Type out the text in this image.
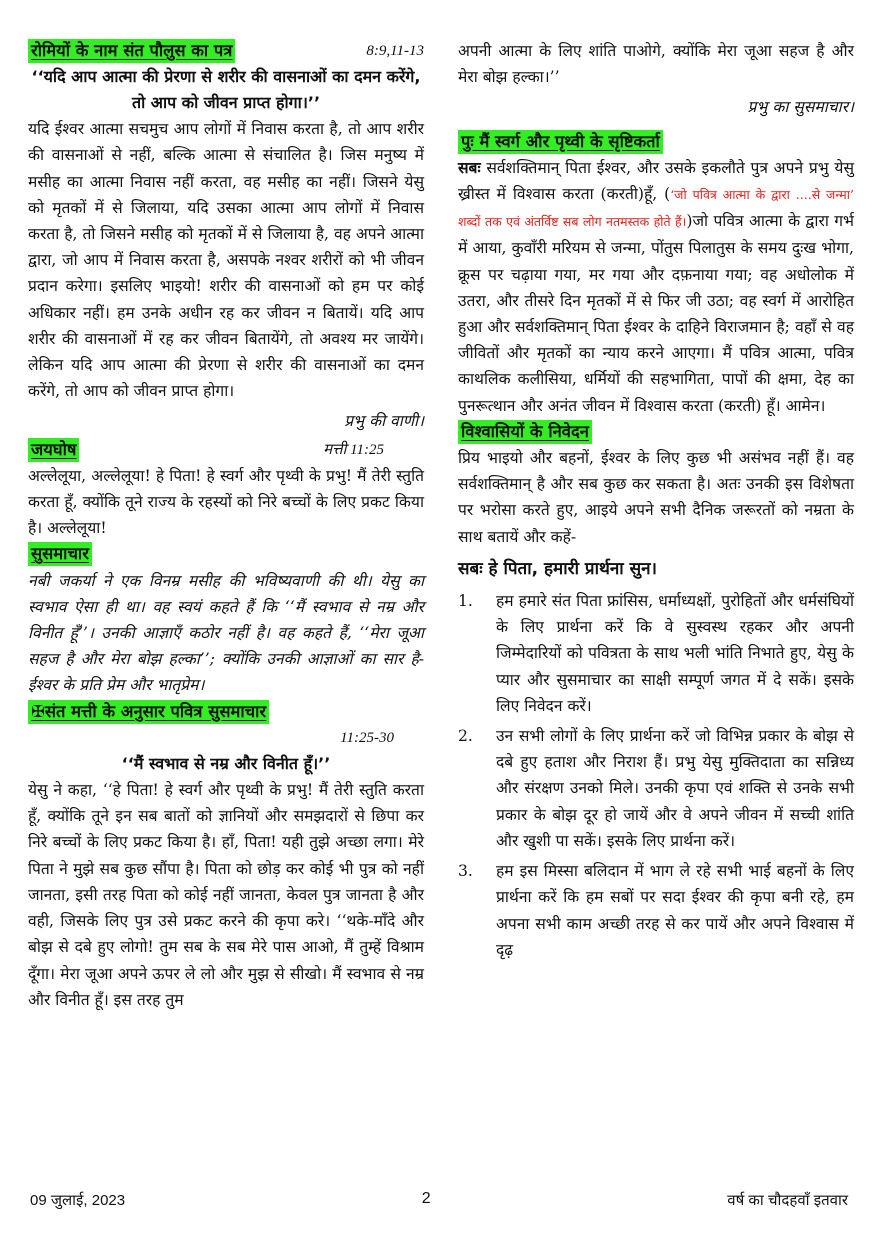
रोमियों के नाम संत पौलुस का पत्र	8:9,11-13

‘‘यदि आप आत्मा की प्रेरणा से शरीर की वासनाओं का दमन करेंगे, तो आप को जीवन प्राप्त होगा।’’

यदि ईश्वर आत्मा सचमुच आप लोगों में निवास करता है, तो आप शरीर की वासनाओं से नहीं, बल्कि आत्मा से संचालित है। जिस मनुष्य में मसीह का आत्मा निवास नहीं करता, वह मसीह का नहीं। जिसने येसु को मृतकों में से जिलाया, यदि उसका आत्मा आप लोगों में निवास करता है, तो जिसने मसीह को मृतकों में से जिलाया है, वह अपने आत्मा द्वारा, जो आप में निवास करता है, असपके नश्वर शरीरों को भी जीवन प्रदान करेगा। इसलिए भाइयो! शरीर की वासनाओं को हम पर कोई अधिकार नहीं। हम उनके अधीन रह कर जीवन न बितायें। यदि आप शरीर की वासनाओं में रह कर जीवन बितायेंगे, तो अवश्य मर जायेंगे। लेकिन यदि आप आत्मा की प्रेरणा से शरीर की वासनाओं का दमन करेंगे, तो आप को जीवन प्राप्त होगा।

प्रभु की वाणी।

जयघोष	मत्ती 11:25

अल्लेलूया, अल्लेलूया! हे पिता! हे स्वर्ग और पृथ्वी के प्रभु! मैं तेरी स्तुति करता हूँ, क्योंकि तूने राज्य के रहस्यों को निरे बच्चों के लिए प्रकट किया है। अल्लेलूया!

सुसमाचार

नबी जकर्या ने एक विनम्र मसीह की भविष्यवाणी की थी। येसु का स्वभाव ऐसा ही था। वह स्वयं कहते हैं कि ‘‘मैं स्वभाव से नम्र और विनीत हूँ’’। उनकी आज्ञाएँ कठोर नहीं है। वह कहते हैं, ‘‘मेरा जूआ सहज है और मेरा बोझ हल्का’’; क्योंकि उनकी आज्ञाओं का सार है-ईश्वर के प्रति प्रेम और भातृप्रेम।

✠संत मत्ती के अनुसार पवित्र सुसमाचार
11:25-30

‘‘मैं स्वभाव से नम्र और विनीत हूँ।’’

येसु ने कहा, ‘‘हे पिता! हे स्वर्ग और पृथ्वी के प्रभु! मैं तेरी स्तुति करता हूँ, क्योंकि तूने इन सब बातों को ज्ञानियों और समझदारों से छिपा कर निरे बच्चों के लिए प्रकट किया है। हाँ, पिता! यही तुझे अच्छा लगा। मेरे पिता ने मुझे सब कुछ सौंपा है। पिता को छोड़ कर कोई भी पुत्र को नहीं जानता, इसी तरह पिता को कोई नहीं जानता, केवल पुत्र जानता है और वही, जिसके लिए पुत्र उसे प्रकट करने की कृपा करे। ‘‘थके-माँदे और बोझ से दबे हुए लोगो! तुम सब के सब मेरे पास आओ, मैं तुम्हें विश्राम दूँगा। मेरा जूआ अपने ऊपर ले लो और मुझ से सीखो। मैं स्वभाव से नम्र और विनीत हूँ। इस तरह तुम

अपनी आत्मा के लिए शांति पाओगे, क्योंकि मेरा जूआ सहज है और मेरा बोझ हल्का।’’

प्रभु का सुसमाचार।

पुः मैं स्वर्ग और पृथ्वी के सृष्टिकर्ता

सबः सर्वशक्तिमान् पिता ईश्वर, और उसके इकलौते पुत्र अपने प्रभु येसु ख्रीस्त में विश्वास करता (करती)हूँ, (‘जो पवित्र आत्मा के द्वारा ....से जन्मा’ शब्दों तक एवं अंतर्विष्ट सब लोग नतमस्तक होते हैं।)जो पवित्र आत्मा के द्वारा गर्भ में आया, कुवाँरी मरियम से जन्मा, पोंतुस पिलातुस के समय दुःख भोगा, क्रूस पर चढ़ाया गया, मर गया और दफ़नाया गया; वह अधोलोक में उतरा, और तीसरे दिन मृतकों में से फिर जी उठा; वह स्वर्ग में आरोहित हुआ और सर्वशक्तिमान् पिता ईश्वर के दाहिने विराजमान है; वहाँ से वह जीवितों और मृतकों का न्याय करने आएगा। मैं पवित्र आत्मा, पवित्र काथलिक कलीसिया, धर्मियों की सहभागिता, पापों की क्षमा, देह का पुनरूत्थान और अनंत जीवन में विश्वास करता (करती) हूँ। आमेन।

विश्वासियों के निवेदन

प्रिय भाइयो और बहनों, ईश्वर के लिए कुछ भी असंभव नहीं हैं। वह सर्वशक्तिमान् है और सब कुछ कर सकता है। अतः उनकी इस विशेषता पर भरोसा करते हुए, आइये अपने सभी दैनिक जरूरतों को नम्रता के साथ बतायें और कहें-

सबः हे पिता, हमारी प्रार्थना सुन।

1.	हम हमारे संत पिता फ्रांसिस, धर्माध्यक्षों, पुरोहितों और धर्मसंघियों के लिए प्रार्थना करें कि वे सुस्वस्थ रहकर और अपनी जिम्मेदारियों को पवित्रता के साथ भली भांति निभाते हुए, येसु के प्यार और सुसमाचार का साक्षी सम्पूर्ण जगत में दे सकें। इसके लिए निवेदन करें।
2.	उन सभी लोगों के लिए प्रार्थना करें जो विभिन्न प्रकार के बोझ से दबे हुए हताश और निराश हैं। प्रभु येसु मुक्तिदाता का सन्निध्य और संरक्षण उनको मिले। उनकी कृपा एवं शक्ति से उनके सभी प्रकार के बोझ दूर हो जायें और वे अपने जीवन में सच्ची शांति और खुशी पा सकें। इसके लिए प्रार्थना करें।
3.	हम इस मिस्सा बलिदान में भाग ले रहे सभी भाई बहनों के लिए प्रार्थना करें कि हम सबों पर सदा ईश्वर की कृपा बनी रहे, हम अपना सभी काम अच्छी तरह से कर पायें और अपने विश्वास में दृढ़
09 जुलाई, 2023	2	वर्ष का चौदहवाँ इतवार
